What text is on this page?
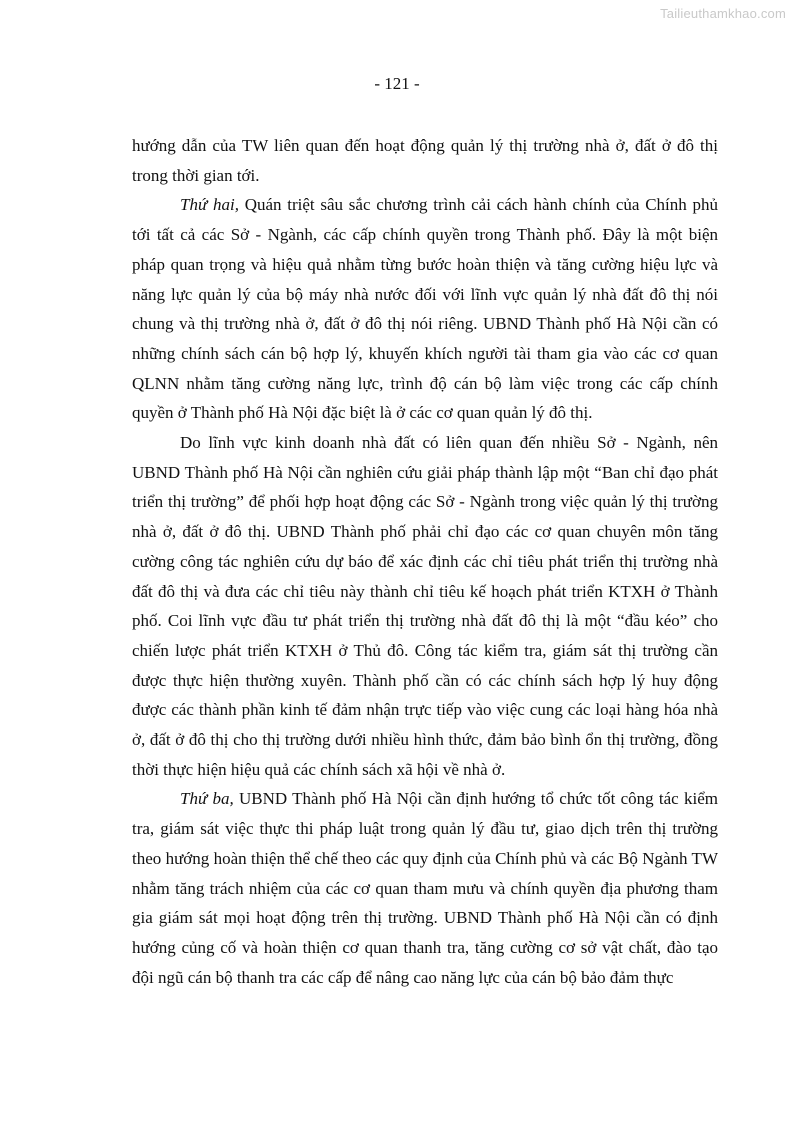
Tailieuthamkhao.com
- 121 -

hướng dẫn của TW liên quan đến hoạt động quản lý thị trường nhà ở, đất ở đô thị trong thời gian tới.

Thứ hai, Quán triệt sâu sắc chương trình cải cách hành chính của Chính phủ tới tất cả các Sở - Ngành, các cấp chính quyền trong Thành phố. Đây là một biện pháp quan trọng và hiệu quả nhằm từng bước hoàn thiện và tăng cường hiệu lực và năng lực quản lý của bộ máy nhà nước đối với lĩnh vực quản lý nhà đất đô thị nói chung và thị trường nhà ở, đất ở đô thị nói riêng. UBND Thành phố Hà Nội cần có những chính sách cán bộ hợp lý, khuyến khích người tài tham gia vào các cơ quan QLNN nhằm tăng cường năng lực, trình độ cán bộ làm việc trong các cấp chính quyền ở Thành phố Hà Nội đặc biệt là ở các cơ quan quản lý đô thị.

Do lĩnh vực kinh doanh nhà đất có liên quan đến nhiều Sở - Ngành, nên UBND Thành phố Hà Nội cần nghiên cứu giải pháp thành lập một “Ban chỉ đạo phát triển thị trường” để phối hợp hoạt động các Sở - Ngành trong việc quản lý thị trường nhà ở, đất ở đô thị. UBND Thành phố phải chỉ đạo các cơ quan chuyên môn tăng cường công tác nghiên cứu dự báo để xác định các chỉ tiêu phát triển thị trường nhà đất đô thị và đưa các chỉ tiêu này thành chỉ tiêu kế hoạch phát triển KTXH ở Thành phố. Coi lĩnh vực đầu tư phát triển thị trường nhà đất đô thị là một “đầu kéo” cho chiến lược phát triển KTXH ở Thủ đô. Công tác kiểm tra, giám sát thị trường cần được thực hiện thường xuyên. Thành phố cần có các chính sách hợp lý huy động được các thành phần kinh tế đảm nhận trực tiếp vào việc cung các loại hàng hóa nhà ở, đất ở đô thị cho thị trường dưới nhiều hình thức, đảm bảo bình ổn thị trường, đồng thời thực hiện hiệu quả các chính sách xã hội về nhà ở.

Thứ ba, UBND Thành phố Hà Nội cần định hướng tổ chức tốt công tác kiểm tra, giám sát việc thực thi pháp luật trong quản lý đầu tư, giao dịch trên thị trường theo hướng hoàn thiện thể chế theo các quy định của Chính phủ và các Bộ Ngành TW nhằm tăng trách nhiệm của các cơ quan tham mưu và chính quyền địa phương tham gia giám sát mọi hoạt động trên thị trường. UBND Thành phố Hà Nội cần có định hướng củng cố và hoàn thiện cơ quan thanh tra, tăng cường cơ sở vật chất, đào tạo đội ngũ cán bộ thanh tra các cấp để nâng cao năng lực của cán bộ bảo đảm thực
